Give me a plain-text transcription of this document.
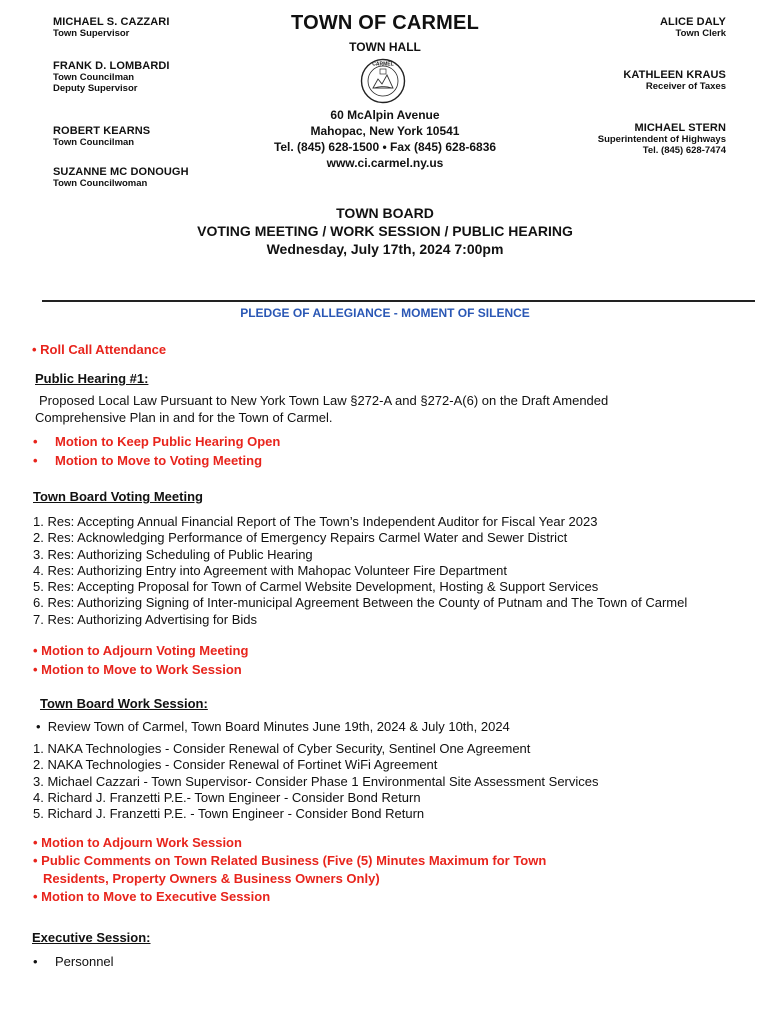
MICHAEL S. CAZZARI
Town Supervisor
FRANK D. LOMBARDI
Town Councilman
Deputy Supervisor
ROBERT KEARNS
Town Councilman
SUZANNE MC DONOUGH
Town Councilwoman
TOWN OF CARMEL
TOWN HALL
CARMEL
60 McAlpin Avenue
Mahopac, New York 10541
Tel. (845) 628-1500 • Fax (845) 628-6836
www.ci.carmel.ny.us
ALICE DALY
Town Clerk
KATHLEEN KRAUS
Receiver of Taxes
MICHAEL STERN
Superintendent of Highways
Tel. (845) 628-7474
TOWN BOARD
VOTING MEETING / WORK SESSION / PUBLIC HEARING
Wednesday, July 17th, 2024 7:00pm
PLEDGE OF ALLEGIANCE - MOMENT OF SILENCE
• Roll Call Attendance
Public Hearing #1:
Proposed Local Law Pursuant to New York Town Law §272-A and §272-A(6) on the Draft Amended
Comprehensive Plan in and for the Town of Carmel.
• Motion to Keep Public Hearing Open
• Motion to Move to Voting Meeting
Town Board Voting Meeting
1. Res: Accepting Annual Financial Report of The Town’s Independent Auditor for Fiscal Year 2023
2. Res: Acknowledging Performance of Emergency Repairs Carmel Water and Sewer District
3. Res: Authorizing Scheduling of Public Hearing
4. Res: Authorizing Entry into Agreement with Mahopac Volunteer Fire Department
5. Res: Accepting Proposal for Town of Carmel Website Development, Hosting & Support Services
6. Res: Authorizing Signing of Inter-municipal Agreement Between the County of Putnam and The Town of Carmel
7. Res: Authorizing Advertising for Bids
• Motion to Adjourn Voting Meeting
• Motion to Move to Work Session
Town Board Work Session:
•  Review Town of Carmel, Town Board Minutes June 19th, 2024 & July 10th, 2024
1. NAKA Technologies - Consider Renewal of Cyber Security, Sentinel One Agreement
2. NAKA Technologies - Consider Renewal of Fortinet WiFi Agreement
3. Michael Cazzari - Town Supervisor- Consider Phase 1 Environmental Site Assessment Services
4. Richard J. Franzetti P.E.- Town Engineer - Consider Bond Return
5. Richard J. Franzetti P.E. - Town Engineer - Consider Bond Return
• Motion to Adjourn Work Session
• Public Comments on Town Related Business (Five (5) Minutes Maximum for Town
Residents, Property Owners & Business Owners Only)
• Motion to Move to Executive Session
Executive Session:
• Personnel
